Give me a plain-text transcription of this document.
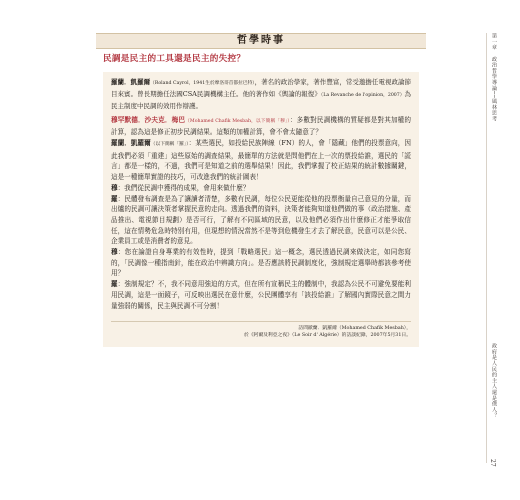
哲學時事
民調是民主的工具還是民主的失控？

羅蘭．凱羅爾（Roland Cayrol，1941生於摩洛哥首都拉巴特），著名的政治學家，著作豐富，常受邀擔任電視政論節目來賓。曾長期擔任法國CSA民調機構主任。他的著作如《輿論的報復》（La Revanche de l'opinion，2007）為民主制度中民調的效用作辯護。

穆罕默德．沙夫克．梅巴（Mohamed Chafik Mesbah，以下簡稱「穆」）：多數對民調機構的質疑都是對其加權的計算，認為這是修正初步民調結果。這類的加權計算，會不會太隨意了？

羅蘭．凱羅爾（以下簡稱「羅」）：某些選民，如投給民族陣線（FN）的人，會「隱藏」他們的投票意向，因此我們必須「重建」這些原始的調查結果，最簡單的方法就是問他們在上一次的票投給誰，選民的「謊言」都是一樣的，不過，我們可是知道之前的選舉結果！因此，我們掌握了校正結果的統計數據關鍵，這是一種簡單實證的技巧，可改進我們的統計圖表！

穆：我們從民調中獲得的成果，會用來做什麼？

羅：民體發布調查是為了讓讀者清楚，多數有民調，每位公民更能從他的投票衡量自己意見的分量，而出爐的民調可讓決策者掌握民意的走向。透過我們的資料，決策者能夠知道他們做的事（政治措施、產品推出、電視節目規劃）是否可行，了解有不同區域的民意，以及他們必須作出什麼修正才能爭取信任，這在情勢危急時特別有用，但現想的情況當然不是等到危機發生才去了解民意，民意可以是公民、企業員工或是消費者的意見。

穆：您在論證自身專業的有效性時，提到「戰略選民」這一概念，選民透過民調來做決定，如同您寫的，「民調像一種指南針，能在政治中辨識方向」。是否應該將民調制度化，強制規定選舉時都該參考使用？

羅：強制規定？不，我不同意用強迫的方式，但在所有宣稱民主的體制中，我認為公民不可避免要能利用民調，這是一面鏡子，可反映出選民在意什麼，公民團體享有「該投給誰」了解國內實際民意之間力量強弱的關係，民主與民調不可分割！

訪問歐蘭．凱羅爾（Mohamed Chafik Mesbah），
於《阿爾及利亞之夜》（Le Soir d' Algérie）的訪談紀錄，2007年5月31日。
第一章　政治哲學導論──風林思考
政府是人民的主人還是僕人？
27
